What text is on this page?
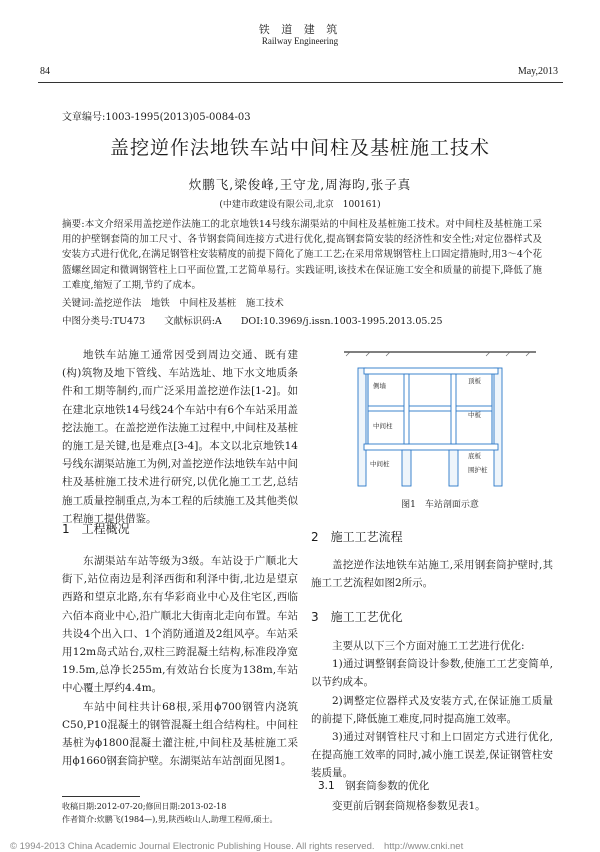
铁 道 建 筑
Railway Engineering
84	May,2013
文章编号:1003-1995(2013)05-0084-03
盖挖逆作法地铁车站中间柱及基桩施工技术
炊鹏飞,梁俊峰,王守龙,周海昀,张子真
(中建市政建设有限公司,北京　100161)
摘要:本文介绍采用盖挖逆作法施工的北京地铁14号线东湖渠站的中间柱及基桩施工技术。对中间柱及基桩施工采用的护壁钢套筒的加工尺寸、各节钢套筒间连接方式进行优化,提高钢套筒安装的经济性和安全性;对定位器样式及安装方式进行优化,在满足钢管柱安装精度的前提下简化了施工工艺;在采用常规钢管柱上口固定措施时,用3～4个花篮螺丝固定和微调钢管柱上口平面位置,工艺简单易行。实践证明,该技术在保证施工安全和质量的前提下,降低了施工难度,缩短了工期,节约了成本。
关键词:盖挖逆作法　地铁　中间柱及基桩　施工技术
中图分类号:TU473 文献标识码:A DOI:10.3969/j.issn.1003-1995.2013.05.25

地铁车站施工通常因受到周边交通、既有建(构)筑物及地下管线、车站选址、地下水文地质条件和工期等制约,而广泛采用盖挖逆作法[1-2]。如在建北京地铁14号线24个车站中有6个车站采用盖挖法施工。在盖挖逆作法施工过程中,中间柱及基桩的施工是关键,也是难点[3-4]。本文以北京地铁14号线东湖渠站施工为例,对盖挖逆作法地铁车站中间柱及基桩施工技术进行研究,以优化施工工艺,总结施工质量控制重点,为本工程的后续施工及其他类似工程施工提供借鉴。

1　工程概况

东湖渠站车站等级为3级。车站设于广顺北大街下,站位南边是利泽西街和利泽中街,北边是望京西路和望京北路,东有华彩商业中心及住宅区,西临六佰本商业中心,沿广顺北大街南北走向布置。车站共设4个出入口、1个消防通道及2组风亭。车站采用12m岛式站台,双柱三跨混凝土结构,标准段净宽19.5m,总净长255m,有效站台长度为138m,车站中心覆土厚约4.4m。

车站中间柱共计68根,采用ϕ700钢管内浇筑C50,P10混凝土的钢管混凝土组合结构柱。中间柱基桩为ϕ1800混凝土灌注桩,中间柱及基桩施工采用ϕ1660钢套筒护壁。东湖渠站车站剖面见图1。

收稿日期:2012-07-20;修回日期:2013-02-18
作者简介:炊鹏飞(1984—),男,陕西岐山人,助理工程师,硕士。
侧墙
中间柱
顶板
中板
底板
围护桩
中间桩
图1　车站剖面示意
2　施工工艺流程

盖挖逆作法地铁车站施工,采用钢套筒护壁时,其施工工艺流程如图2所示。

3　施工工艺优化

主要从以下三个方面对施工工艺进行优化:

1)通过调整钢套筒设计参数,使施工工艺变简单,以节约成本。

2)调整定位器样式及安装方式,在保证施工质量的前提下,降低施工难度,同时提高施工效率。

3)通过对钢管柱尺寸和上口固定方式进行优化,在提高施工效率的同时,减小施工误差,保证钢管柱安装质量。

3.1　钢套筒参数的优化

变更前后钢套筒规格参数见表1。

© 1994-2013 China Academic Journal Electronic Publishing House. All rights reserved.　http://www.cnki.net
